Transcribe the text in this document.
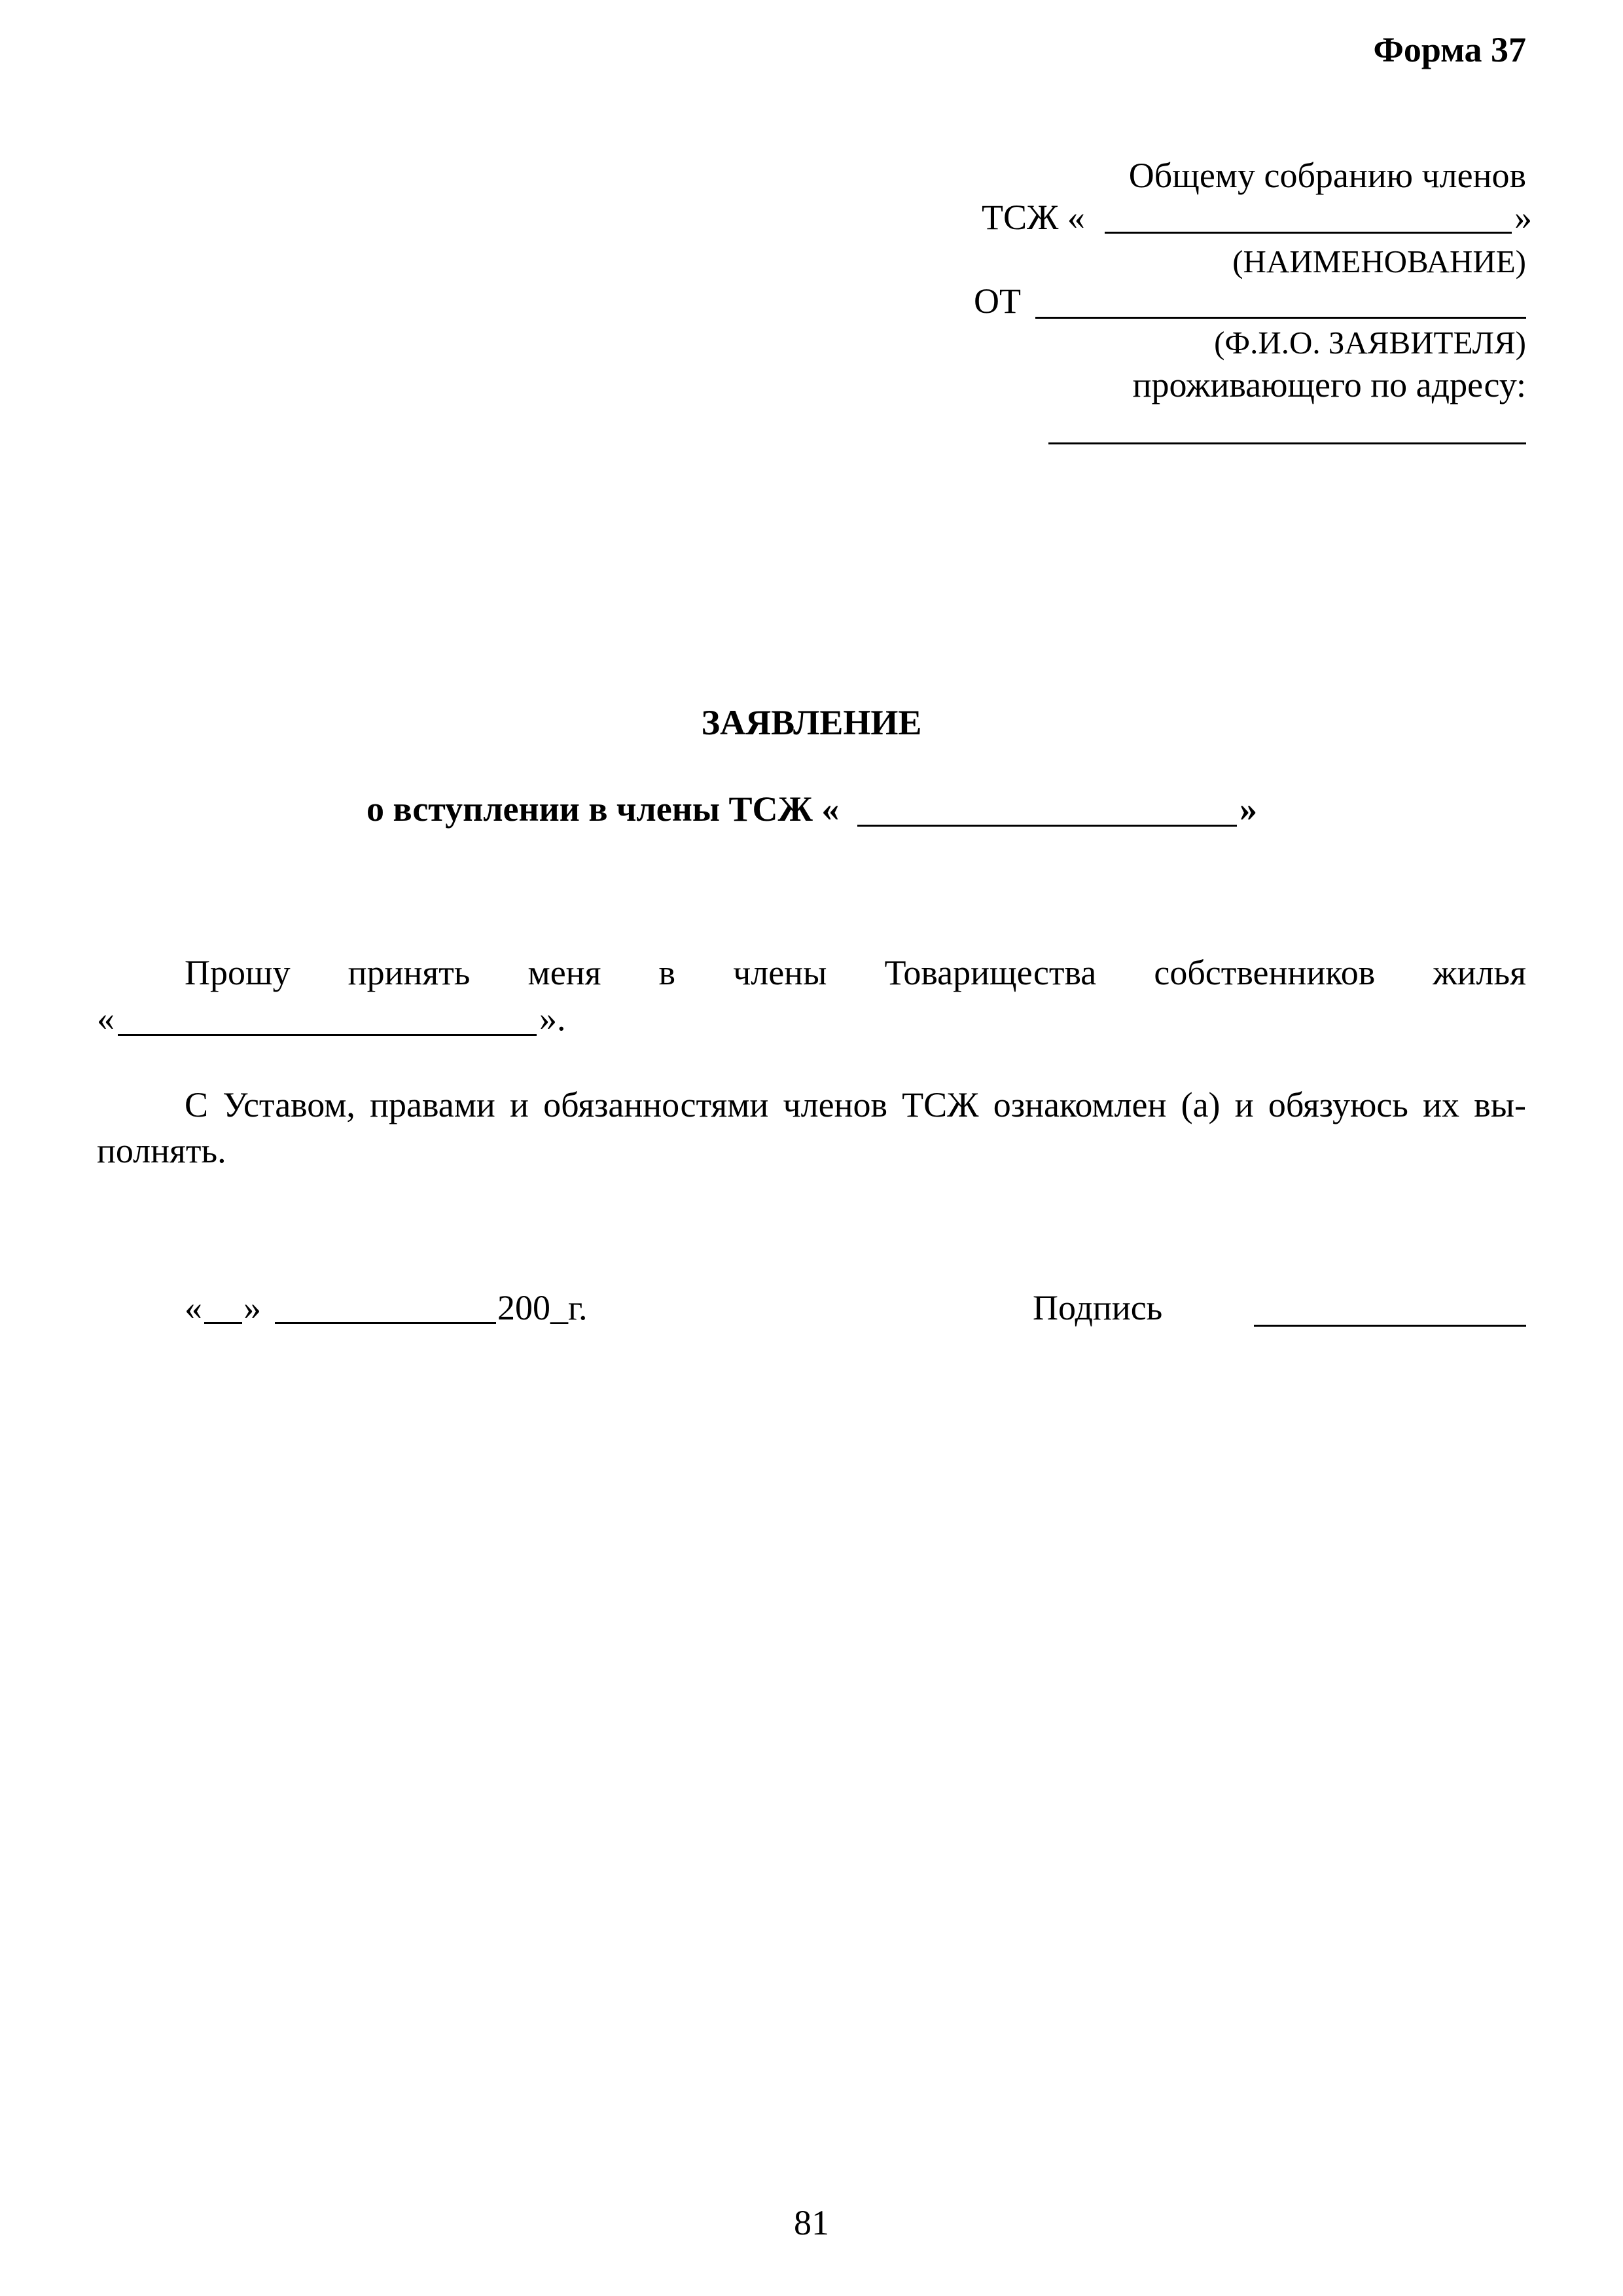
Форма 37
Общему собранию членов
ТСЖ «	»
(НАИМЕНОВАНИЕ)
ОТ
(Ф.И.О. ЗАЯВИТЕЛЯ)
проживающего по адресу:
ЗАЯВЛЕНИЕ
о вступлении в члены ТСЖ «	»
Прошу принять меня в члены Товарищества собственников жилья
«	».
С Уставом, правами и обязанностями членов ТСЖ ознакомлен (а) и обязуюсь их вы-
полнять.
« »	200_г.	Подпись
81
